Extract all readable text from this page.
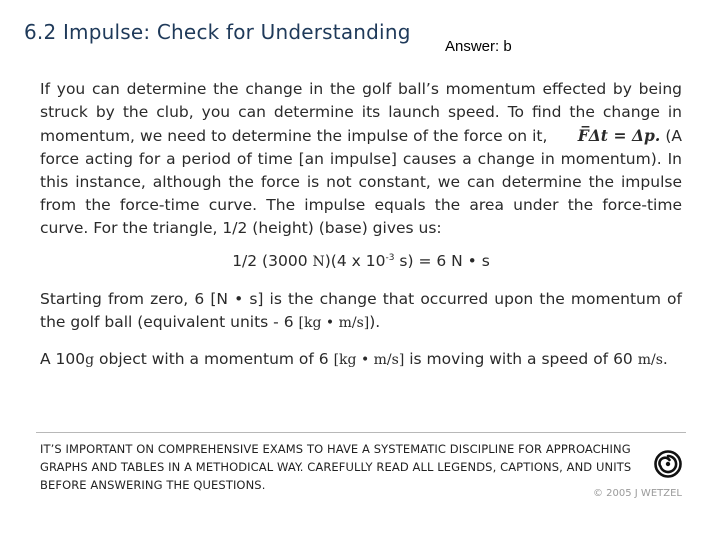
6.2 Impulse: Check for Understanding
Answer: b
If you can determine the change in the golf ball’s momentum effected by being struck by the club, you can determine its launch speed. To find the change in momentum, we need to determine the impulse of the force on it, F̅Δt = Δp. (A force acting for a period of time [an impulse] causes a change in momentum). In this instance, although the force is not constant, we can determine the impulse from the force-time curve. The impulse equals the area under the force-time curve. For the triangle, 1/2 (height) (base) gives us:
1/2 (3000 N)(4 x $10^{-3}$ s) = 6 N • s
Starting from zero, 6 [N • s] is the change that occurred upon the momentum of the golf ball (equivalent units - 6 [kg • m/s]).
A 100g object with a momentum of 6 [kg • m/s] is moving with a speed of 60 m/s.
IT’S IMPORTANT ON COMPREHENSIVE EXAMS TO HAVE A SYSTEMATIC DISCIPLINE FOR APPROACHING GRAPHS AND TABLES IN A METHODICAL WAY. CAREFULLY READ ALL LEGENDS, CAPTIONS, AND UNITS BEFORE ANSWERING THE QUESTIONS.
© 2005 J WETZEL
